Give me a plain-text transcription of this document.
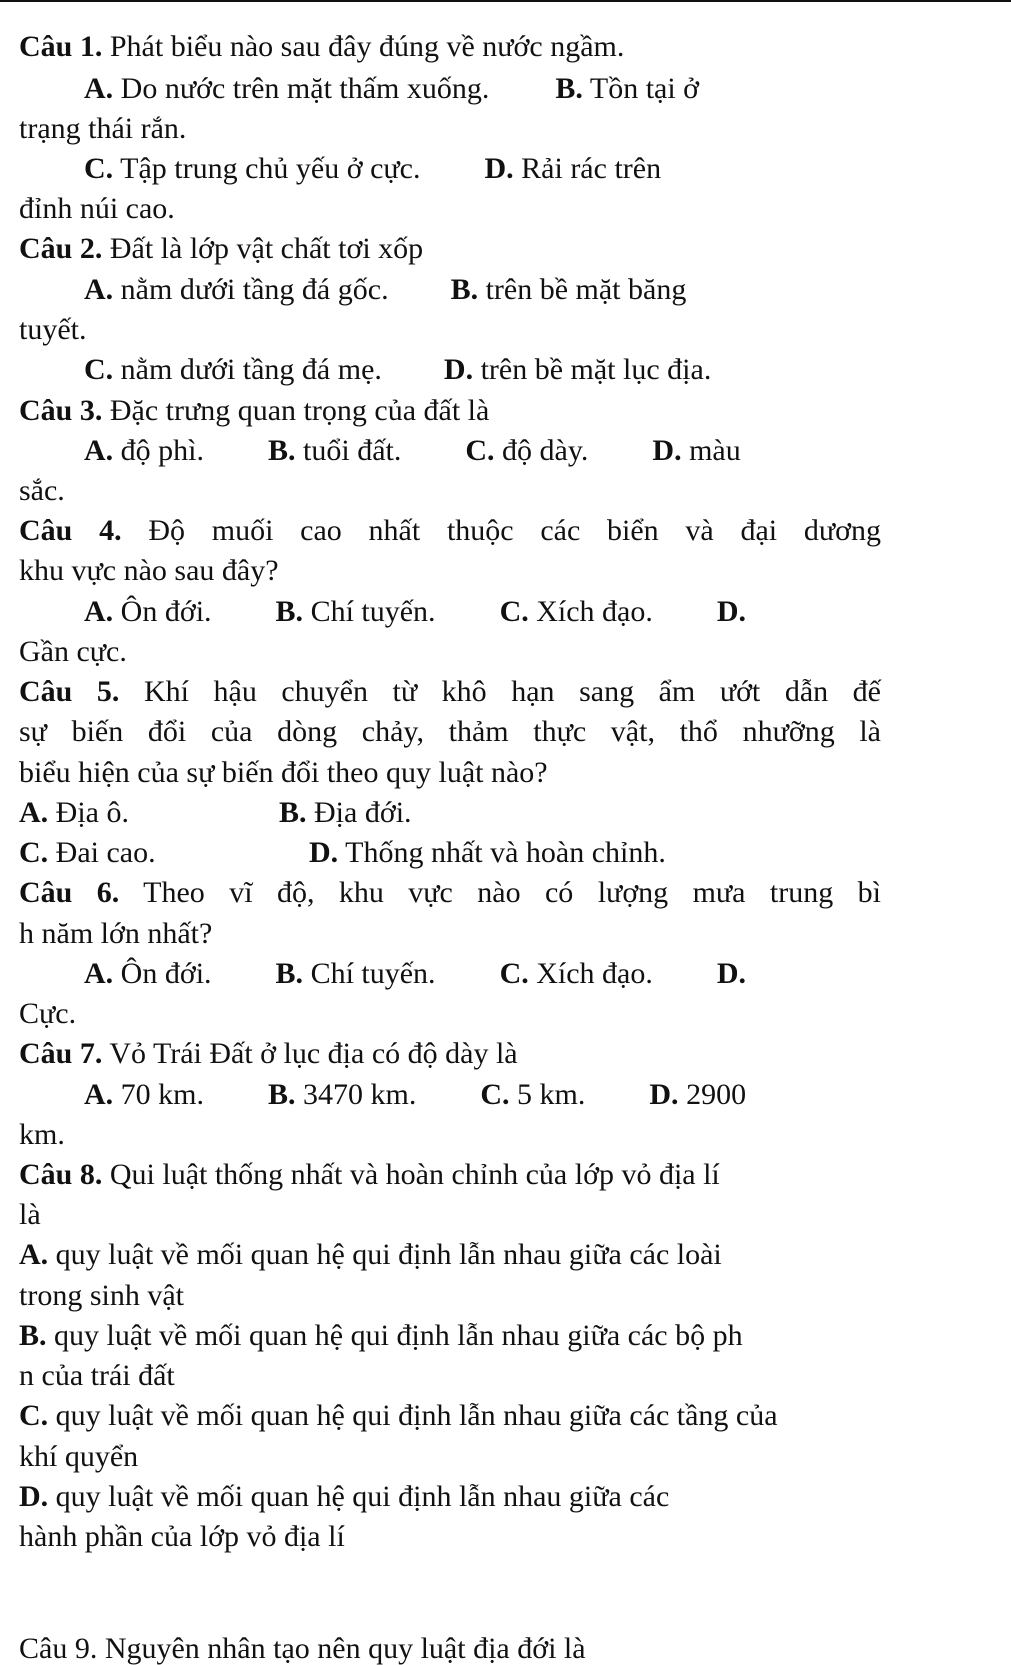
Câu 1. Phát biểu nào sau đây đúng về nước ngầm.
A. Do nước trên mặt thấm xuống. B. Tồn tại ở
trạng thái rắn.
C. Tập trung chủ yếu ở cực. D. Rải rác trên
đỉnh núi cao.
Câu 2. Đất là lớp vật chất tơi xốp
A. nằm dưới tầng đá gốc. B. trên bề mặt băng
tuyết.
C. nằm dưới tầng đá mẹ. D. trên bề mặt lục địa.
Câu 3. Đặc trưng quan trọng của đất là
A. độ phì. B. tuổi đất. C. độ dày. D. màu
sắc.
Câu 4. Độ muối cao nhất thuộc các biển và đại dương
khu vực nào sau đây?
A. Ôn đới. B. Chí tuyến. C. Xích đạo. D.
Gần cực.
Câu 5. Khí hậu chuyển từ khô hạn sang ẩm ướt dẫn đế
sự biến đổi của dòng chảy, thảm thực vật, thổ nhưỡng là
biểu hiện của sự biến đổi theo quy luật nào?
A. Địa ô.	B. Địa đới.
C. Đai cao.	D. Thống nhất và hoàn chỉnh.
Câu 6. Theo vĩ độ, khu vực nào có lượng mưa trung bì
h năm lớn nhất?
A. Ôn đới. B. Chí tuyến. C. Xích đạo. D.
Cực.
Câu 7. Vỏ Trái Đất ở lục địa có độ dày là
A. 70 km. B. 3470 km. C. 5 km. D. 2900
km.
Câu 8. Qui luật thống nhất và hoàn chỉnh của lớp vỏ địa lí
là
A. quy luật về mối quan hệ qui định lẫn nhau giữa các loài
trong sinh vật
B. quy luật về mối quan hệ qui định lẫn nhau giữa các bộ ph
n của trái đất
C. quy luật về mối quan hệ qui định lẫn nhau giữa các tầng của
khí quyển
D. quy luật về mối quan hệ qui định lẫn nhau giữa các
hành phần của lớp vỏ địa lí
Câu 9. Nguyên nhân tạo nên quy luật địa đới là
